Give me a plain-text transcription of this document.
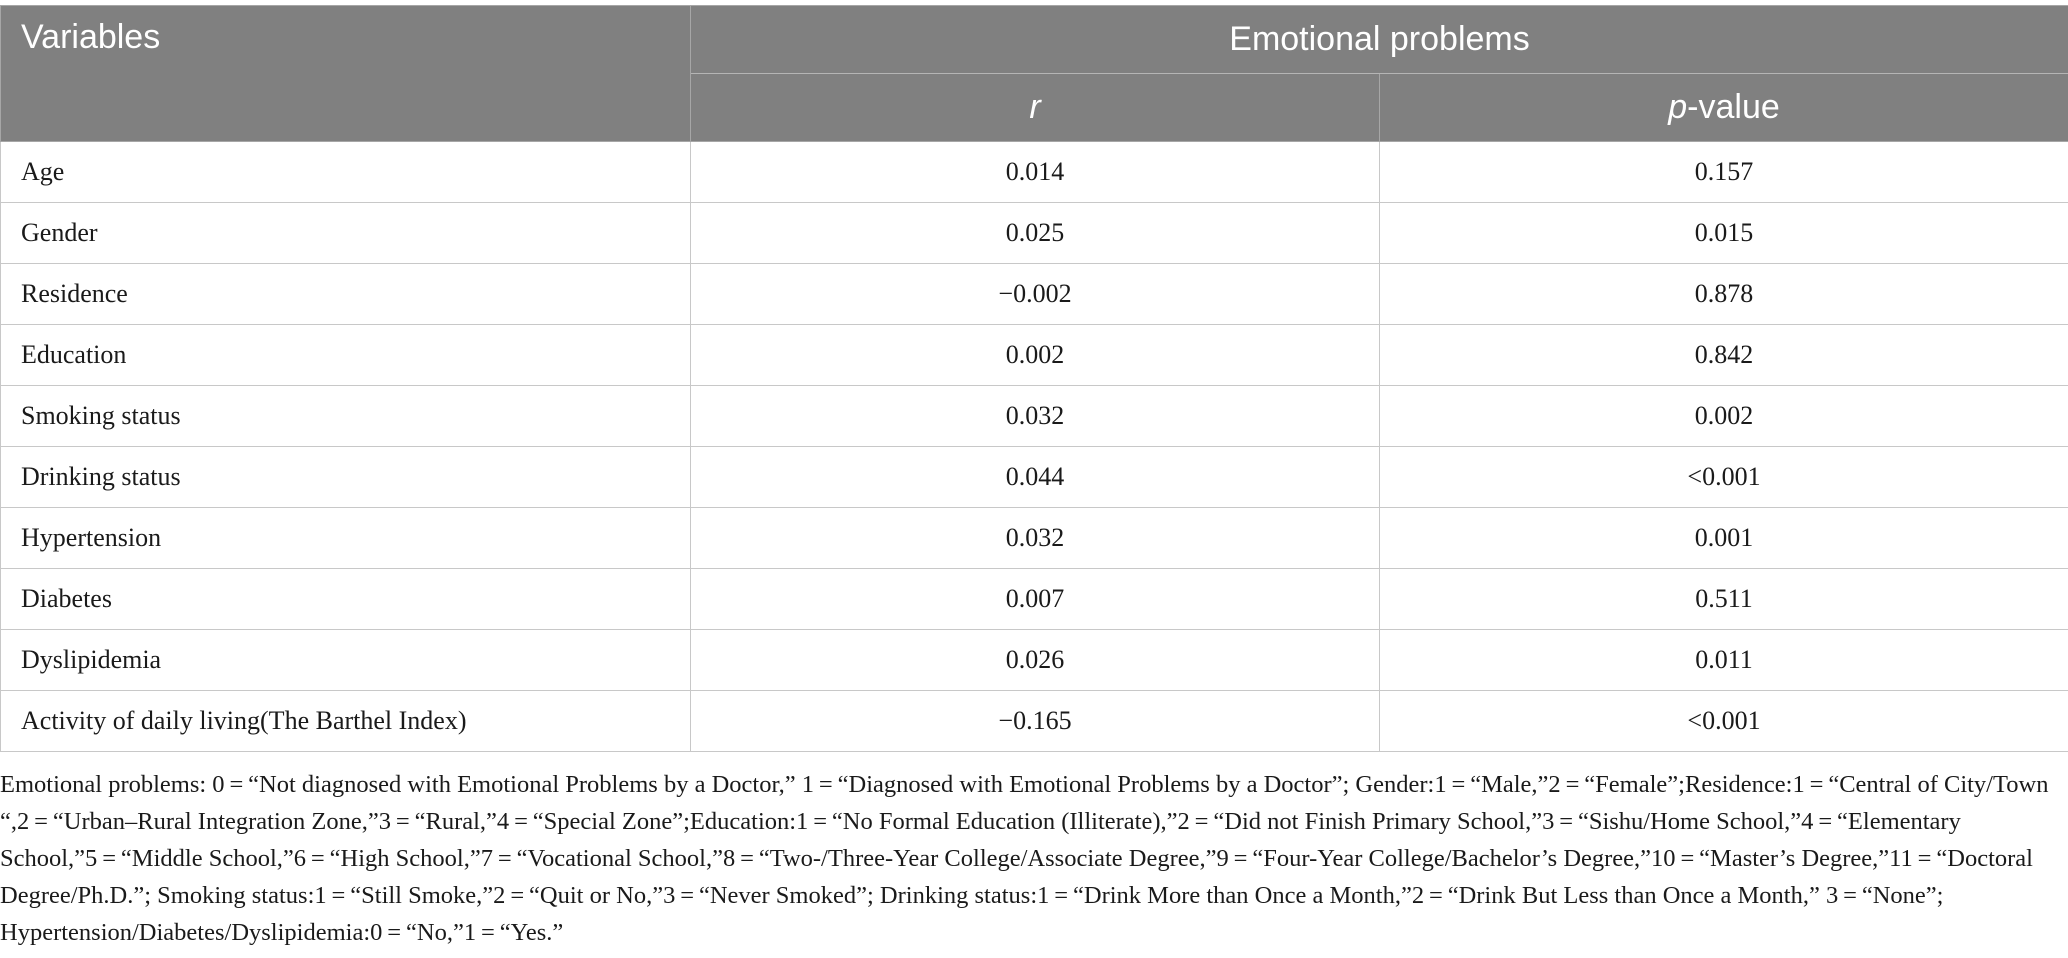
Variables	Emotional problems	
	r	p-value
Age	0.014	0.157
Gender	0.025	0.015
Residence	−0.002	0.878
Education	0.002	0.842
Smoking status	0.032	0.002
Drinking status	0.044	<0.001
Hypertension	0.032	0.001
Diabetes	0.007	0.511
Dyslipidemia	0.026	0.011
Activity of daily living(The Barthel Index)	−0.165	<0.001
Emotional problems: 0 = “Not diagnosed with Emotional Problems by a Doctor,” 1 = “Diagnosed with Emotional Problems by a Doctor”; Gender:1 = “Male,”2 = “Female”;Residence:1 = “Central of City/Town “,2 = “Urban–Rural Integration Zone,”3 = “Rural,”4 = “Special Zone”;Education:1 = “No Formal Education (Illiterate),”2 = “Did not Finish Primary School,”3 = “Sishu/Home School,”4 = “Elementary School,”5 = “Middle School,”6 = “High School,”7 = “Vocational School,”8 = “Two-/Three-Year College/Associate Degree,”9 = “Four-Year College/Bachelor’s Degree,”10 = “Master’s Degree,”11 = “Doctoral Degree/Ph.D.”; Smoking status:1 = “Still Smoke,”2 = “Quit or No,”3 = “Never Smoked”; Drinking status:1 = “Drink More than Once a Month,”2 = “Drink But Less than Once a Month,” 3 = “None”; Hypertension/Diabetes/Dyslipidemia:0 = “No,”1 = “Yes.”
